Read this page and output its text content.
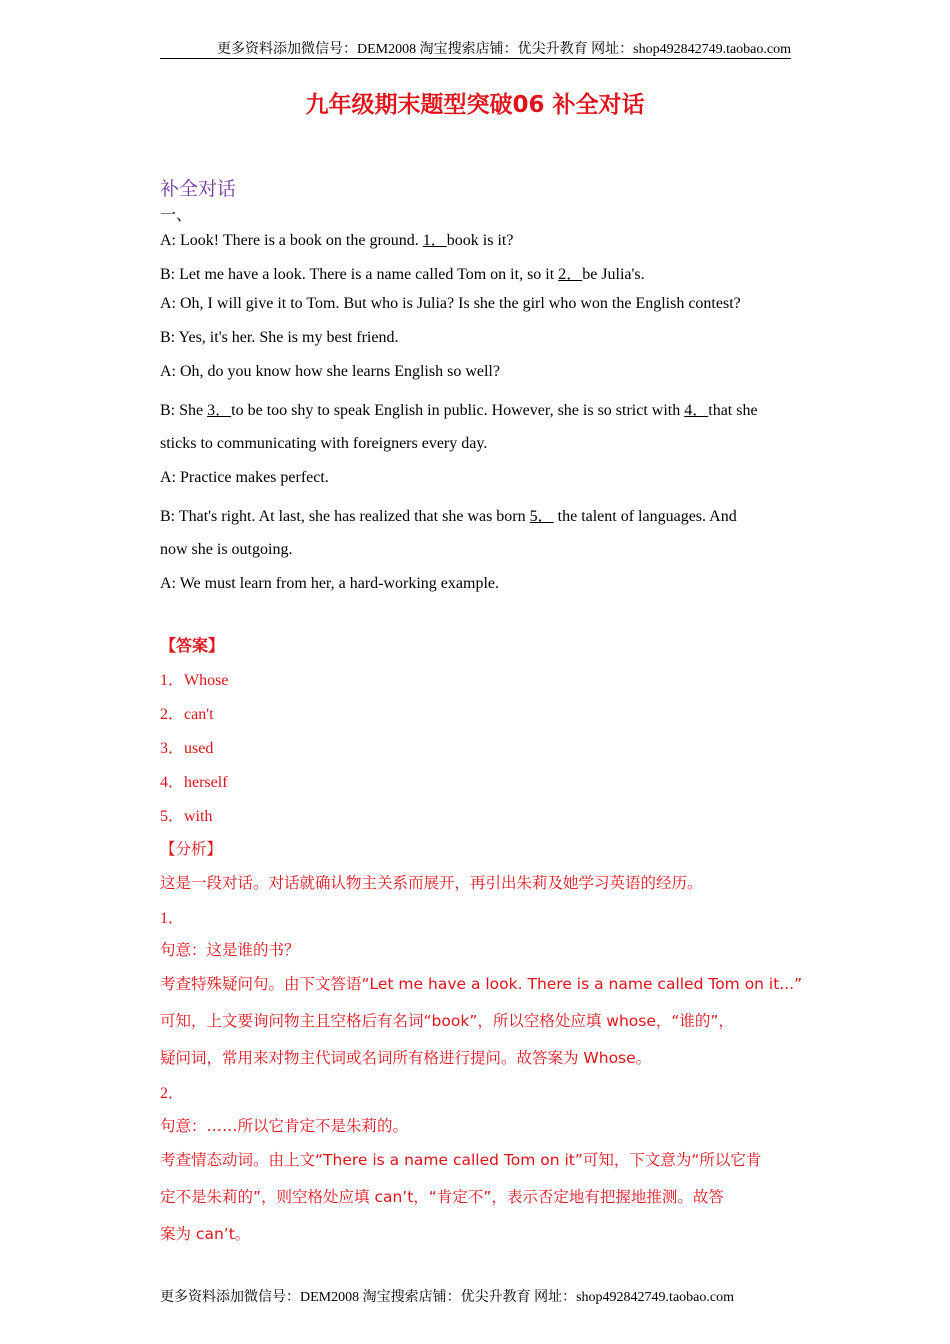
更多资料添加微信号：DEM2008 淘宝搜索店铺：优尖升教育 网址：shop492842749.taobao.com
九年级期末题型突破06 补全对话
补全对话
一、
A: Look! There is a book on the ground. 1．book is it?
B: Let me have a look. There is a name called Tom on it, so it 2．be Julia's.
A: Oh, I will give it to Tom. But who is Julia? Is she the girl who won the English contest?
B: Yes, it's her. She is my best friend.
A: Oh, do you know how she learns English so well?
B: She 3．to be too shy to speak English in public. However, she is so strict with 4．that she
sticks to communicating with foreigners every day.
A: Practice makes perfect.
B: That's right. At last, she has realized that she was born 5． the talent of languages. And
now she is outgoing.
A: We must learn from her, a hard-working example.
【答案】
1．Whose
2．can't
3．used
4．herself
5．with
【分析】
这是一段对话。对话就确认物主关系而展开，再引出朱莉及她学习英语的经历。
1．
句意：这是谁的书？
考查特殊疑问句。由下文答语“Let me have a look. There is a name called Tom on it...”
可知，上文要询问物主且空格后有名词“book”，所以空格处应填 whose，“谁的”，
疑问词，常用来对物主代词或名词所有格进行提问。故答案为 Whose。
2．
句意：……所以它肯定不是朱莉的。
考查情态动词。由上文“There is a name called Tom on it”可知，下文意为“所以它肯
定不是朱莉的”，则空格处应填 can’t，“肯定不”，表示否定地有把握地推测。故答
案为 can’t。
更多资料添加微信号：DEM2008 淘宝搜索店铺：优尖升教育 网址：shop492842749.taobao.com
